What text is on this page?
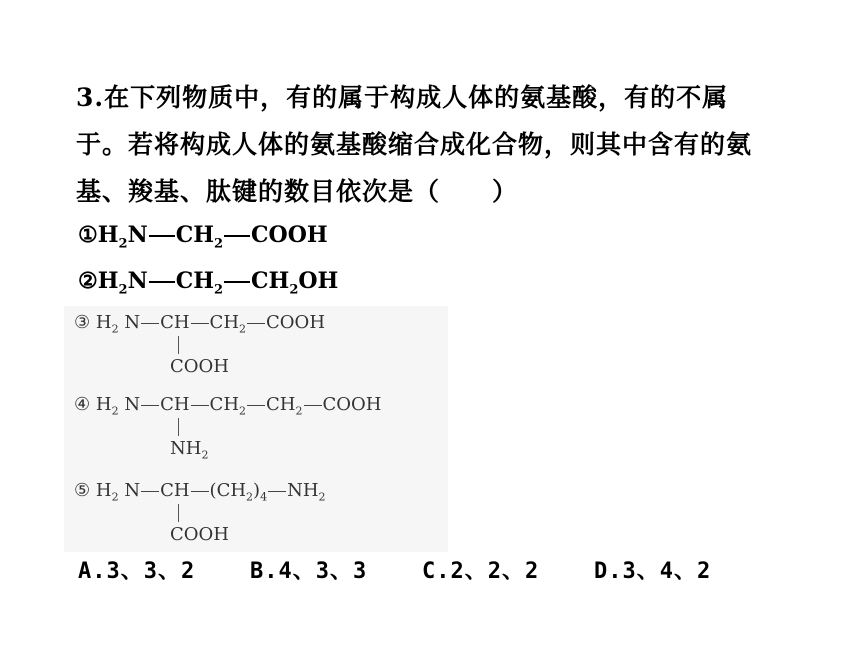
3.在下列物质中，有的属于构成人体的氨基酸，有的不属
于。若将构成人体的氨基酸缩合成化合物，则其中含有的氨
基、羧基、肽键的数目依次是（　　）
$①H_2N$ $CH_2$ COOH
$②H_2N$ $CH_2$ $CH_2OH$
③ $H_2$ N CH $CH_2$ COOH
COOH
④ $H_2$ N CH $CH_2$ $CH_2$ COOH
$NH_2$
⑤ $H_2$ N CH $(CH_2)_4$ $NH_2$
COOH
A.3、3、2 B.4、3、3 C.2、2、2 D.3、4、2
